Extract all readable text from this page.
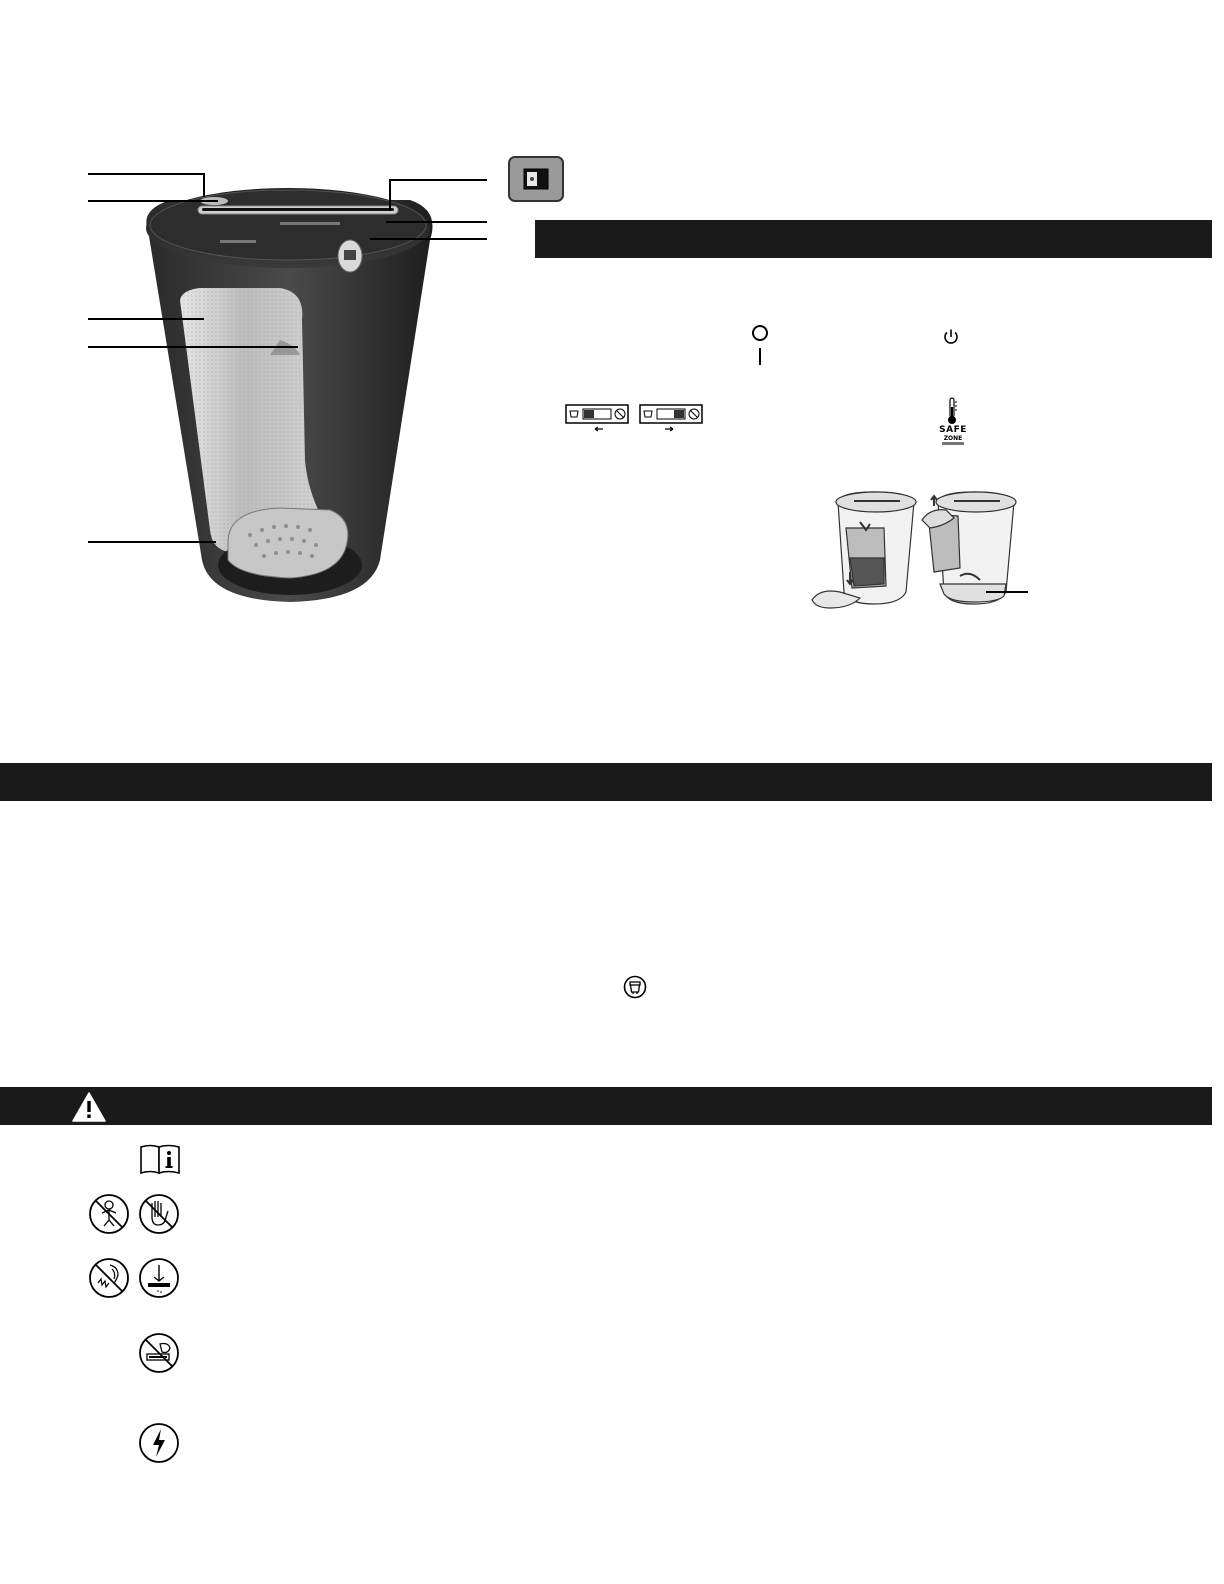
SAFE
ZONE
